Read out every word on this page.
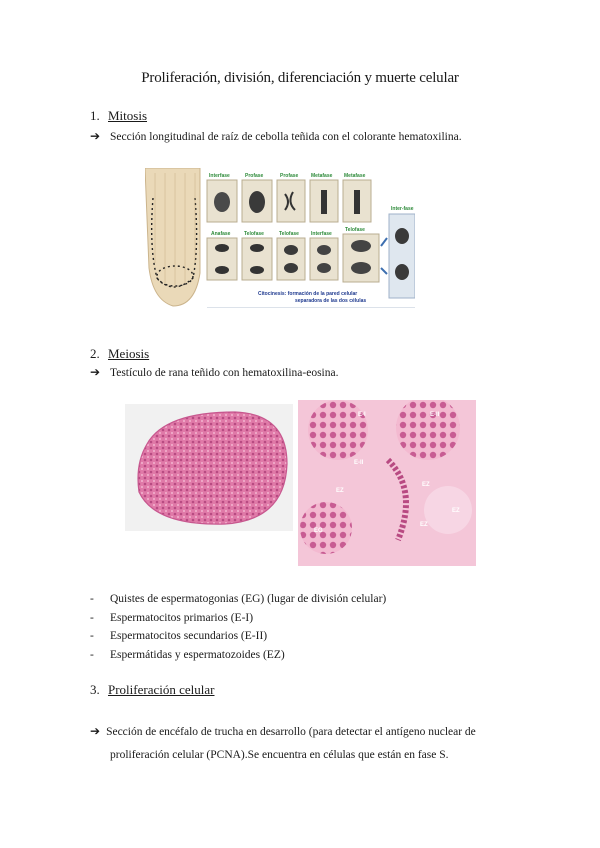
Proliferación, división, diferenciación y muerte celular
1. Mitosis
➔ Sección longitudinal de raíz de cebolla teñida con el colorante hematoxilina.
Interfase	Profase	Profase	Metafase Metafase
Anafase	Telofase	Telofase Interfase
Telofase
Inter-fase
Citocinesis: formación de la pared celular
separadora de las dos células
2. Meiosis
➔ Testículo de rana teñido con hematoxilina-eosina.
E-I	E-II
E-II
EZ
EZ
EZ
EZ
EG
- Quistes de espermatogonias (EG) (lugar de división celular)
- Espermatocitos primarios (E-I)
- Espermatocitos secundarios (E-II)
- Espermátidas y espermatozoides (EZ)
3. Proliferación celular
➔ Sección de encéfalo de trucha en desarrollo (para detectar el antígeno nuclear de
proliferación celular (PCNA).Se encuentra en células que están en fase S.
